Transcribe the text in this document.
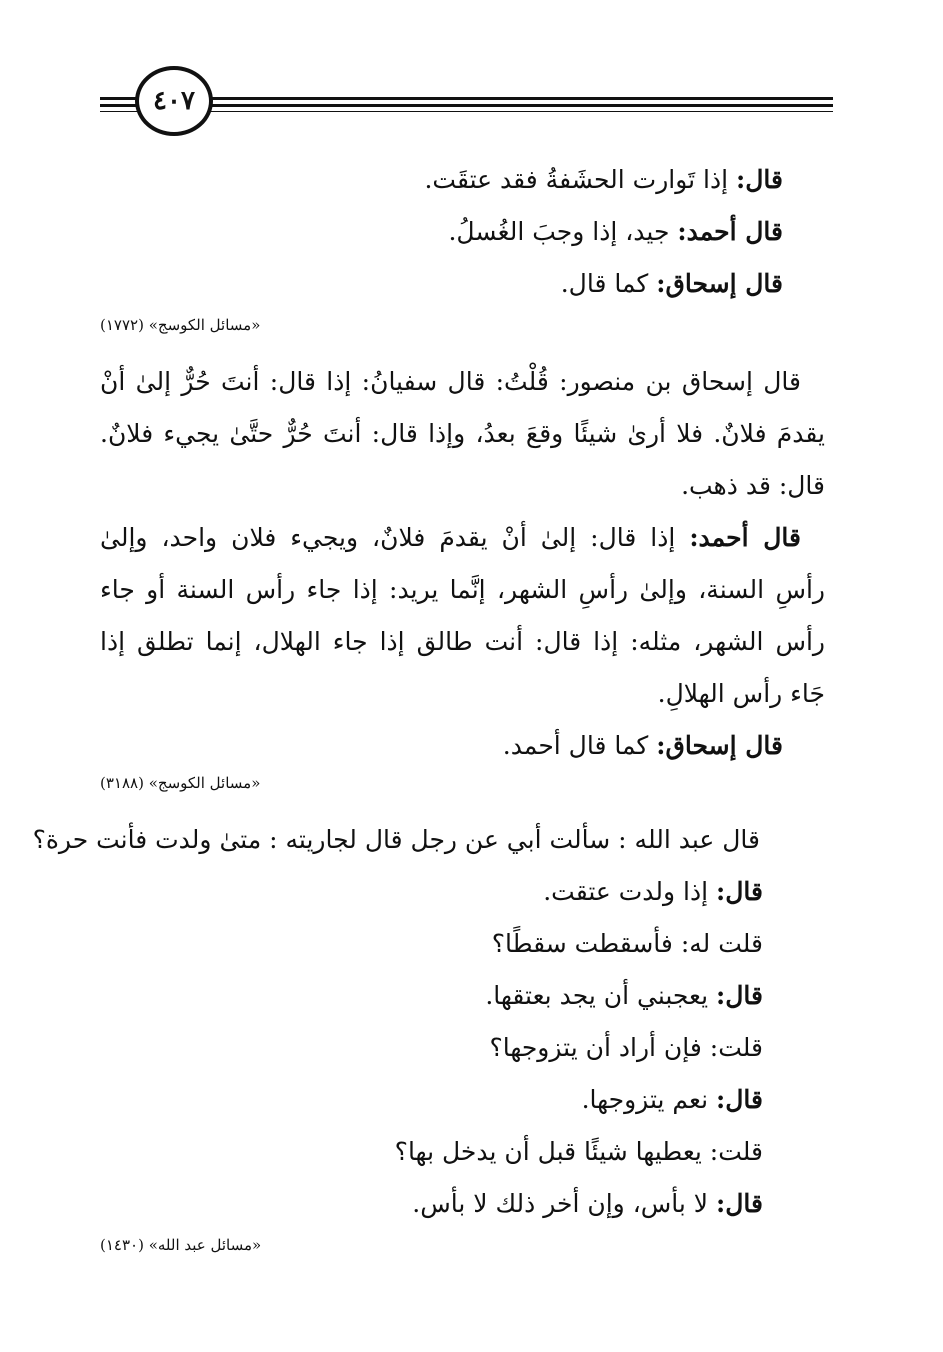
٤٠٧
قال: إذا تَوارت الحشَفةُ فقد عتقَت.
قال أحمد: جيد، إذا وجبَ الغُسلُ.
قال إسحاق: كما قال.
«مسائل الكوسج» (١٧٧٢)
قال إسحاق بن منصور: قُلْتُ: قال سفيانُ: إذا قال: أنتَ حُرٌّ إلىٰ أنْ
يقدمَ فلانٌ. فلا أرىٰ شيئًا وقعَ بعدُ، وإذا قال: أنتَ حُرٌّ حتَّىٰ يجيء فلانٌ.
قال: قد ذهب.
قال أحمد: إذا قال: إلىٰ أنْ يقدمَ فلانٌ، ويجيء فلان واحد، وإلىٰ
رأسِ السنة، وإلىٰ رأسِ الشهر، إنَّما يريد: إذا جاء رأس السنة أو جاء
رأس الشهر، مثله: إذا قال: أنت طالق إذا جاء الهلال، إنما تطلق إذا
جَاء رأس الهلالِ.
قال إسحاق: كما قال أحمد.
«مسائل الكوسج» (٣١٨٨)
قال عبد الله : سألت أبي عن رجل قال لجاريته : متىٰ ولدت فأنت حرة؟
قال: إذا ولدت عتقت.
قلت له: فأسقطت سقطًا؟
قال: يعجبني أن يجد بعتقها.
قلت: فإن أراد أن يتزوجها؟
قال: نعم يتزوجها.
قلت: يعطيها شيئًا قبل أن يدخل بها؟
قال: لا بأس، وإن أخر ذلك لا بأس.
«مسائل عبد الله» (١٤٣٠)
